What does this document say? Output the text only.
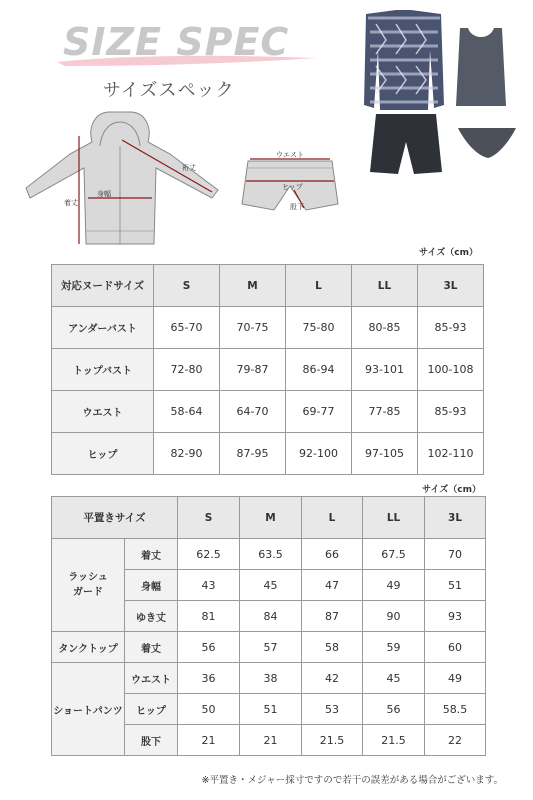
SIZE SPEC
サイズスペック
着丈
身幅
裄丈
ウエスト
ヒップ
股下
サイズ（cm）
サイズ（cm）
対応ヌードサイズ	S	M	L	LL	3L
アンダーバスト	65-70	70-75	75-80	80-85	85-93
トップバスト	72-80	79-87	86-94	93-101	100-108
ウエスト	58-64	64-70	69-77	77-85	85-93
ヒップ	82-90	87-95	92-100	97-105	102-110
平置きサイズ		S	M	L	LL	3L
ラッシュ
ガード	着丈	62.5	63.5	66	67.5	70
	身幅	43	45	47	49	51
	ゆき丈	81	84	87	90	93
タンクトップ	着丈	56	57	58	59	60
ショートパンツ	ウエスト	36	38	42	45	49
	ヒップ	50	51	53	56	58.5
	股下	21	21	21.5	21.5	22
※平置き・メジャー採寸ですので若干の誤差がある場合がございます。
